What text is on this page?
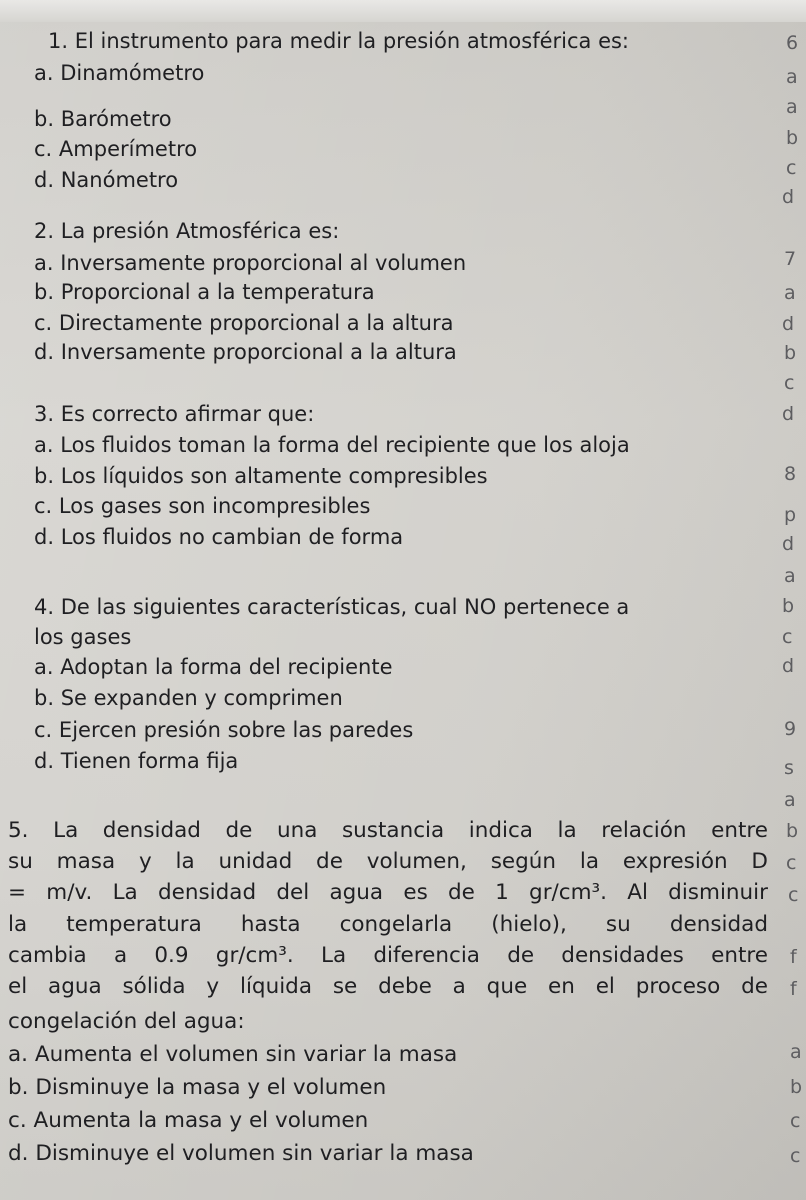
1. El instrumento para medir la presión atmosférica es:
a. Dinamómetro
b. Barómetro
c. Amperímetro
d. Nanómetro
2. La presión Atmosférica es:
a. Inversamente proporcional al volumen
b. Proporcional a la temperatura
c. Directamente proporcional a la altura
d. Inversamente proporcional a la altura
3. Es correcto afirmar que:
a. Los fluidos toman la forma del recipiente que los aloja
b. Los líquidos son altamente compresibles
c. Los gases son incompresibles
d. Los fluidos no cambian de forma
4. De las siguientes características, cual NO pertenece a
los gases
a. Adoptan la forma del recipiente
b. Se expanden y comprimen
c. Ejercen presión sobre las paredes
d. Tienen forma fija
5. La densidad de una sustancia indica la relación entre
su masa y la unidad de volumen, según la expresión D
= m/v. La densidad del agua es de 1 gr/cm³. Al disminuir
la temperatura hasta congelarla (hielo), su densidad
cambia a 0.9 gr/cm³. La diferencia de densidades entre
el agua sólida y líquida se debe a que en el proceso de
congelación del agua:
a. Aumenta el volumen sin variar la masa
b. Disminuye la masa y el volumen
c. Aumenta la masa y el volumen
d. Disminuye el volumen sin variar la masa
6
a
a
b
c
d
7
a
d
b
c
d
8
p
d
a
b
c
d
9
s
a
b
c
c
f
f
a
b
c
c
